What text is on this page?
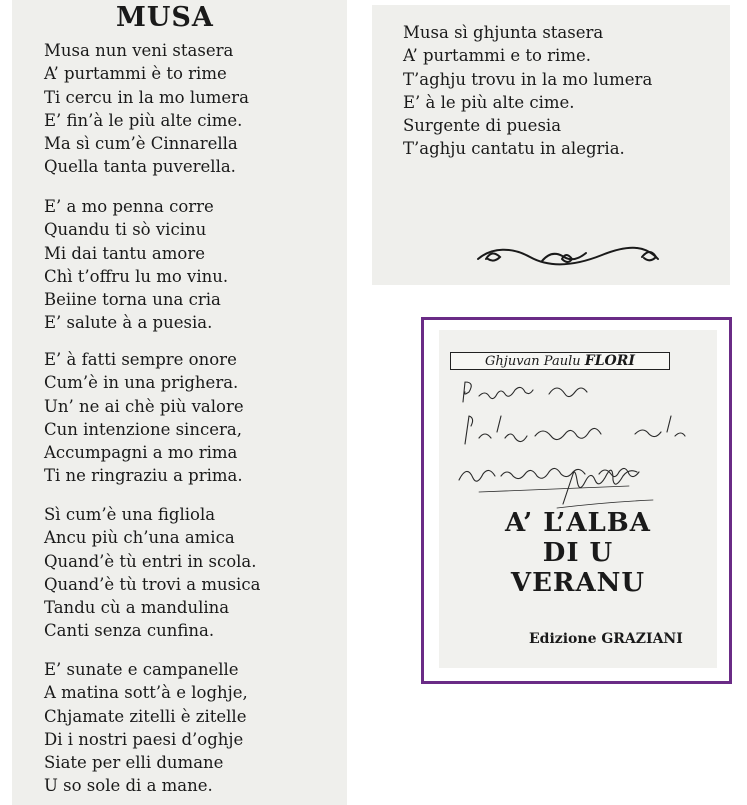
MUSA
Musa nun veni stasera
A’ purtammi è to rime
Ti cercu in la mo lumera
E’ fin’à le più alte cime.
Ma sì cum’è Cinnarella
Quella tanta puverella.
E’ a mo penna corre
Quandu ti sò vicinu
Mi dai tantu amore
Chì t’offru lu mo vinu.
Beiine torna una cria
E’ salute à a puesia.
E’ à fatti sempre onore
Cum’è in una prighera.
Un’ ne ai chè più valore
Cun intenzione sincera,
Accumpagni a mo rima
Ti ne ringraziu a prima.
Sì cum’è una figliola
Ancu più ch’una amica
Quand’è tù entri in scola.
Quand’è tù trovi a musica
Tandu cù a mandulina
Canti senza cunfina.
E’ sunate e campanelle
A matina sott’à e loghje,
Chjamate zitelli è zitelle
Di i nostri paesi d’oghje
Siate per elli dumane
U so sole di a mane.
Musa sì ghjunta stasera
A’ purtammi e to rime.
T’aghju trovu in la mo lumera
E’ à le più alte cime.
Surgente di puesia
T’aghju cantatu in alegria.
Ghjuvan Paulu FLORI
A’ L’ALBA
DI U
VERANU
Edizione GRAZIANI
